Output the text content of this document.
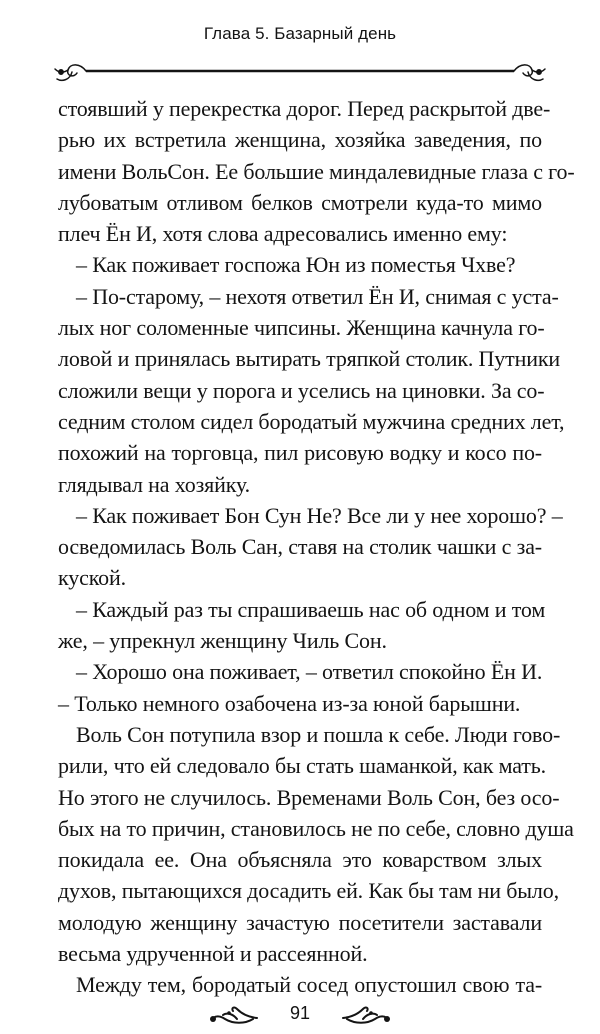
Глава 5. Базарный день
стоявший у перекрестка дорог. Перед раскрытой две-
рью их встретила женщина, хозяйка заведения, по
имени ВольСон. Ее большие миндалевидные глаза с го-
лубоватым отливом белков смотрели куда-то мимо
плеч Ён И, хотя слова адресовались именно ему:
– Как поживает госпожа Юн из поместья Чхве?
– По-старому, – нехотя ответил Ён И, снимая с уста-
лых ног соломенные чипсины. Женщина качнула го-
ловой и принялась вытирать тряпкой столик. Путники
сложили вещи у порога и уселись на циновки. За со-
седним столом сидел бородатый мужчина средних лет,
похожий на торговца, пил рисовую водку и косо по-
глядывал на хозяйку.
– Как поживает Бон Сун Не? Все ли у нее хорошо? –
осведомилась Воль Сан, ставя на столик чашки с за-
куской.
– Каждый раз ты спрашиваешь нас об одном и том
же, – упрекнул женщину Чиль Сон.
– Хорошо она поживает, – ответил спокойно Ён И.
– Только немного озабочена из-за юной барышни.
Воль Сон потупила взор и пошла к себе. Люди гово-
рили, что ей следовало бы стать шаманкой, как мать.
Но этого не случилось. Временами Воль Сон, без осо-
бых на то причин, становилось не по себе, словно душа
покидала ее. Она объясняла это коварством злых
духов, пытающихся досадить ей. Как бы там ни было,
молодую женщину зачастую посетители заставали
весьма удрученной и рассеянной.
Между тем, бородатый сосед опустошил свою та-
91
